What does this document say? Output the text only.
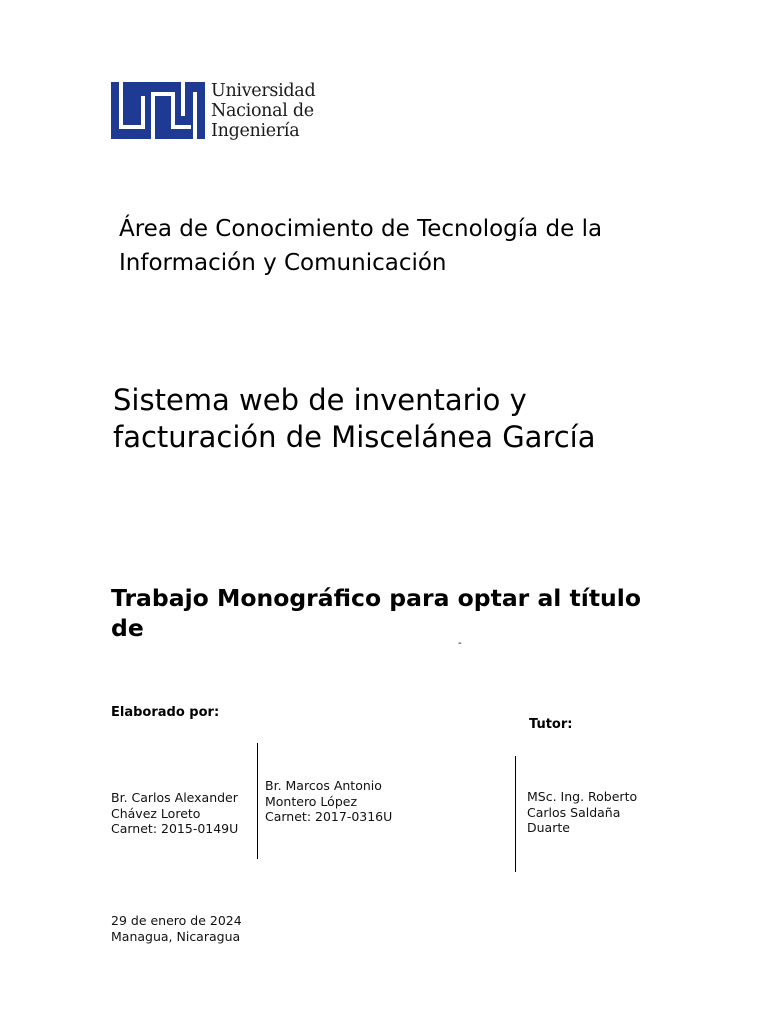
Universidad
Nacional de
Ingeniería
Área de Conocimiento de Tecnología de la
Información y Comunicación
Sistema web de inventario y
facturación de Miscelánea García
Trabajo Monográfico para optar al título
de
-
Elaborado por:
Tutor:
Br. Carlos Alexander
Chávez Loreto
Carnet: 2015-0149U
Br. Marcos Antonio
Montero López
Carnet: 2017-0316U
MSc. Ing. Roberto
Carlos Saldaña
Duarte
29 de enero de 2024
Managua, Nicaragua
